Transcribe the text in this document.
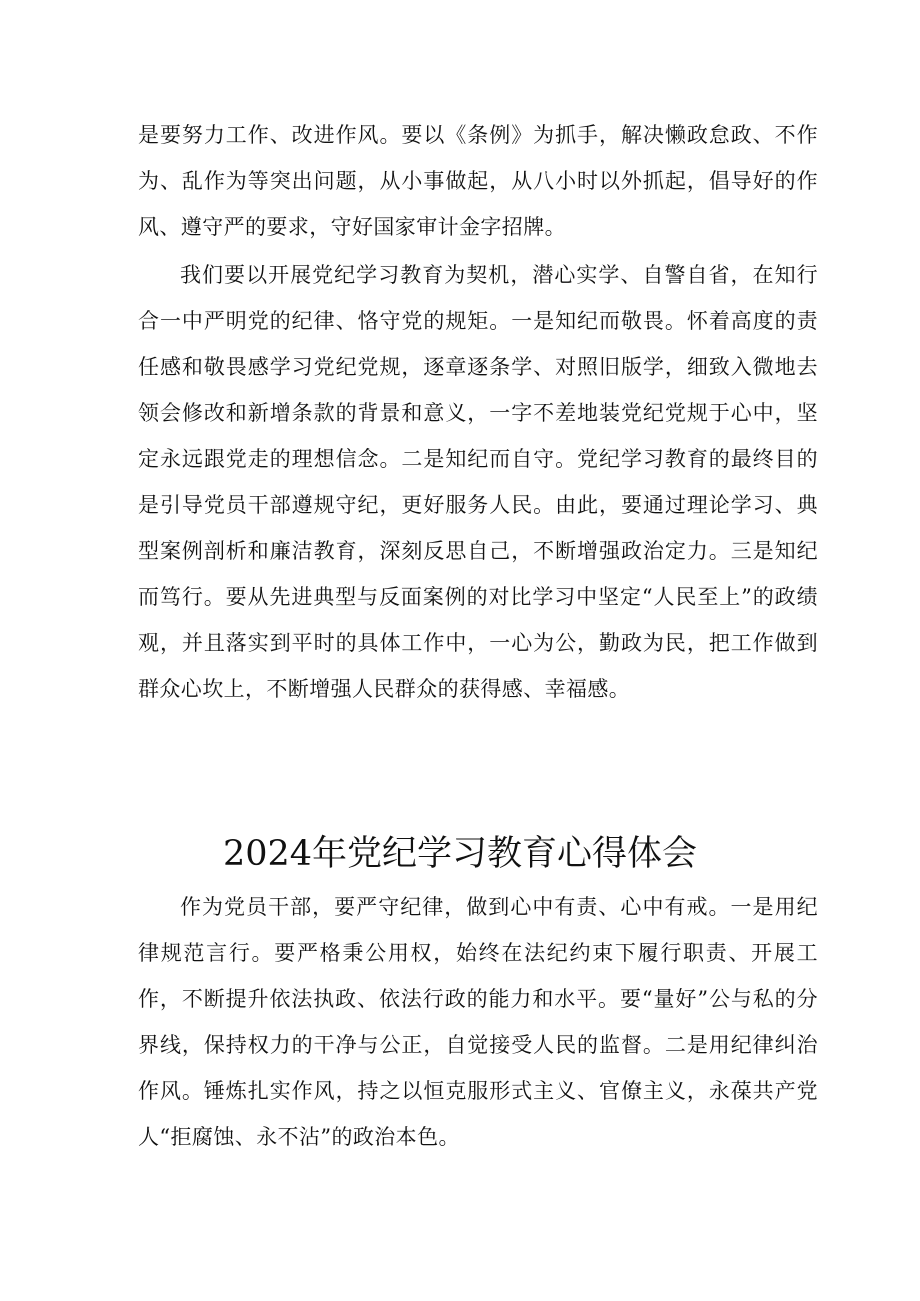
是要努力工作、改进作风。要以《条例》为抓手，解决懒政怠政、不作为、乱作为等突出问题，从小事做起，从八小时以外抓起，倡导好的作风、遵守严的要求，守好国家审计金字招牌。

我们要以开展党纪学习教育为契机，潜心实学、自警自省，在知行合一中严明党的纪律、恪守党的规矩。一是知纪而敬畏。怀着高度的责任感和敬畏感学习党纪党规，逐章逐条学、对照旧版学，细致入微地去领会修改和新增条款的背景和意义，一字不差地装党纪党规于心中，坚定永远跟党走的理想信念。二是知纪而自守。党纪学习教育的最终目的是引导党员干部遵规守纪，更好服务人民。由此，要通过理论学习、典型案例剖析和廉洁教育，深刻反思自己，不断增强政治定力。三是知纪而笃行。要从先进典型与反面案例的对比学习中坚定“人民至上”的政绩观，并且落实到平时的具体工作中，一心为公，勤政为民，把工作做到群众心坎上，不断增强人民群众的获得感、幸福感。

2024年党纪学习教育心得体会

作为党员干部，要严守纪律，做到心中有责、心中有戒。一是用纪律规范言行。要严格秉公用权，始终在法纪约束下履行职责、开展工作，不断提升依法执政、依法行政的能力和水平。要“量好”公与私的分界线，保持权力的干净与公正，自觉接受人民的监督。二是用纪律纠治作风。锤炼扎实作风，持之以恒克服形式主义、官僚主义，永葆共产党人“拒腐蚀、永不沾”的政治本色。
